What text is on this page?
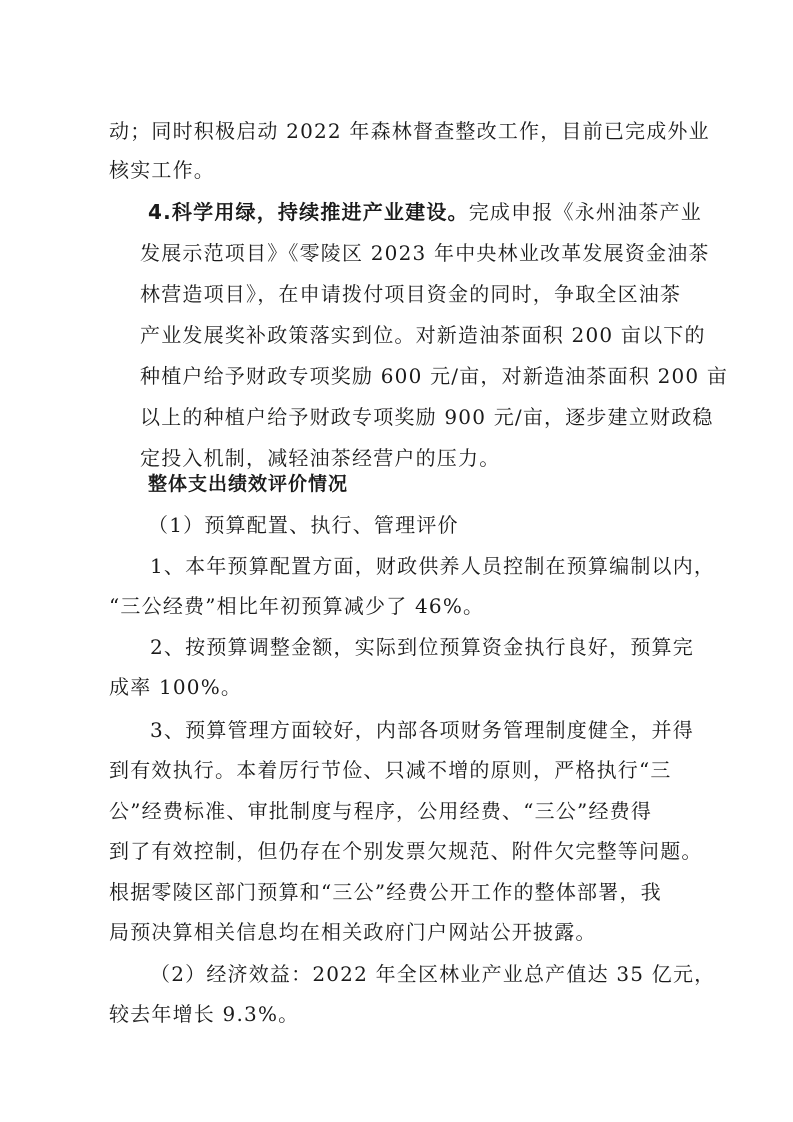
动；同时积极启动 2022 年森林督查整改工作，目前已完成外业
核实工作。
4.科学用绿，持续推进产业建设。完成申报《永州油茶产业
发展示范项目》《零陵区 2023 年中央林业改革发展资金油茶
林营造项目》，在申请拨付项目资金的同时，争取全区油茶
产业发展奖补政策落实到位。对新造油茶面积 200 亩以下的
种植户给予财政专项奖励 600 元/亩，对新造油茶面积 200 亩
以上的种植户给予财政专项奖励 900 元/亩，逐步建立财政稳
定投入机制，减轻油茶经营户的压力。
整体支出绩效评价情况
（1）预算配置、执行、管理评价
1、本年预算配置方面，财政供养人员控制在预算编制以内，
“三公经费”相比年初预算减少了 46%。
2、按预算调整金额，实际到位预算资金执行良好，预算完
成率 100%。
3、预算管理方面较好，内部各项财务管理制度健全，并得
到有效执行。本着厉行节俭、只减不增的原则，严格执行“三
公”经费标准、审批制度与程序，公用经费、“三公”经费得
到了有效控制，但仍存在个别发票欠规范、附件欠完整等问题。
根据零陵区部门预算和“三公”经费公开工作的整体部署，我
局预决算相关信息均在相关政府门户网站公开披露。
（2）经济效益：2022 年全区林业产业总产值达 35 亿元，
较去年增长 9.3%。
